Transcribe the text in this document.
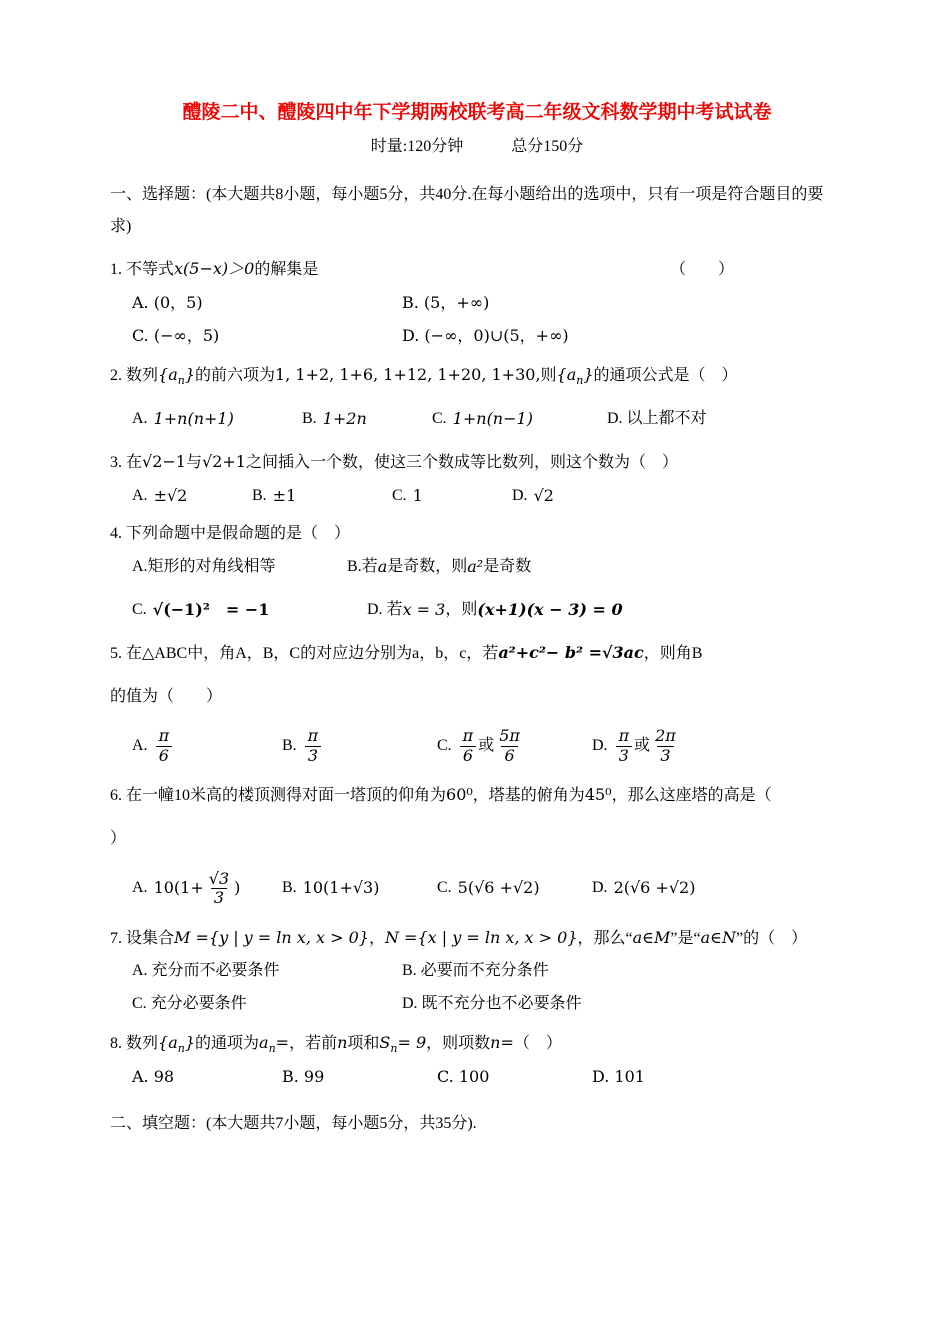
醴陵二中、醴陵四中年下学期两校联考高二年级文科数学期中考试试卷
时量:120分钟　　　总分150分

一、选择题：(本大题共8小题，每小题5分，共40分.在每小题给出的选项中，只有一项是符合题目的要求)

1. 不等式 x(5−x)＞0 的解集是	（　　）
A. (0，5)	B. (5，+∞)
C. (−∞，5)	D. (−∞，0)∪(5，+∞)
2. 数列 $\{a_n\}$ 的前六项为 1, 1+2, 1+6, 1+12, 1+20, 1+30, 则 $\{a_n\}$ 的通项公式是（　）
A. 1+n(n+1)	B. 1+2n	C. 1+n(n−1)	D. 以上都不对
3. 在 √2−1 与 √2+1 之间插入一个数，使这三个数成等比数列，则这个数为（　）
A. ±√2	B. ±1	C. 1	D. √2
4. 下列命题中是假命题的是（　）
A.矩形的对角线相等	B.若 a 是奇数，则 a² 是奇数
C. √(−1)²　= −1	D. 若 x = 3 ，则 (x+1)(x − 3) = 0
5. 在△ABC中，角A，B，C的对应边分别为a，b，c，若 a²+c²− b² =√3ac ，则角B
的值为（　　）
A. $\frac{\pi}{6}$	B. $\frac{\pi}{3}$	C. $\frac{\pi}{6}$ 或 $\frac{5\pi}{6}$	D. $\frac{\pi}{3}$ 或 $\frac{2\pi}{3}$
6. 在一幢10米高的楼顶测得对面一塔顶的仰角为 60⁰ ，塔基的俯角为 45⁰ ，那么这座塔的高是（
）
A. $10(1+ \frac{√3}{3}$ )	B. 10(1+√3)	C. 5(√6 +√2)	D. 2(√6 +√2)
7. 设集合 M ={y | y = ln x, x > 0} ， N ={x | y = ln x, x > 0} ，那么“ a∈M ”是“ a∈N ”的（　）
A. 充分而不必要条件	B. 必要而不充分条件
C. 充分必要条件	D. 既不充分也不必要条件
8. 数列 $\{a_n\}$ 的通项为 $a_n=$ ，若前 n 项和 $S_n= 9$ ，则项数 n = （　）
A. 98	B. 99	C. 100	D. 101

二、填空题：(本大题共7小题，每小题5分，共35分).
